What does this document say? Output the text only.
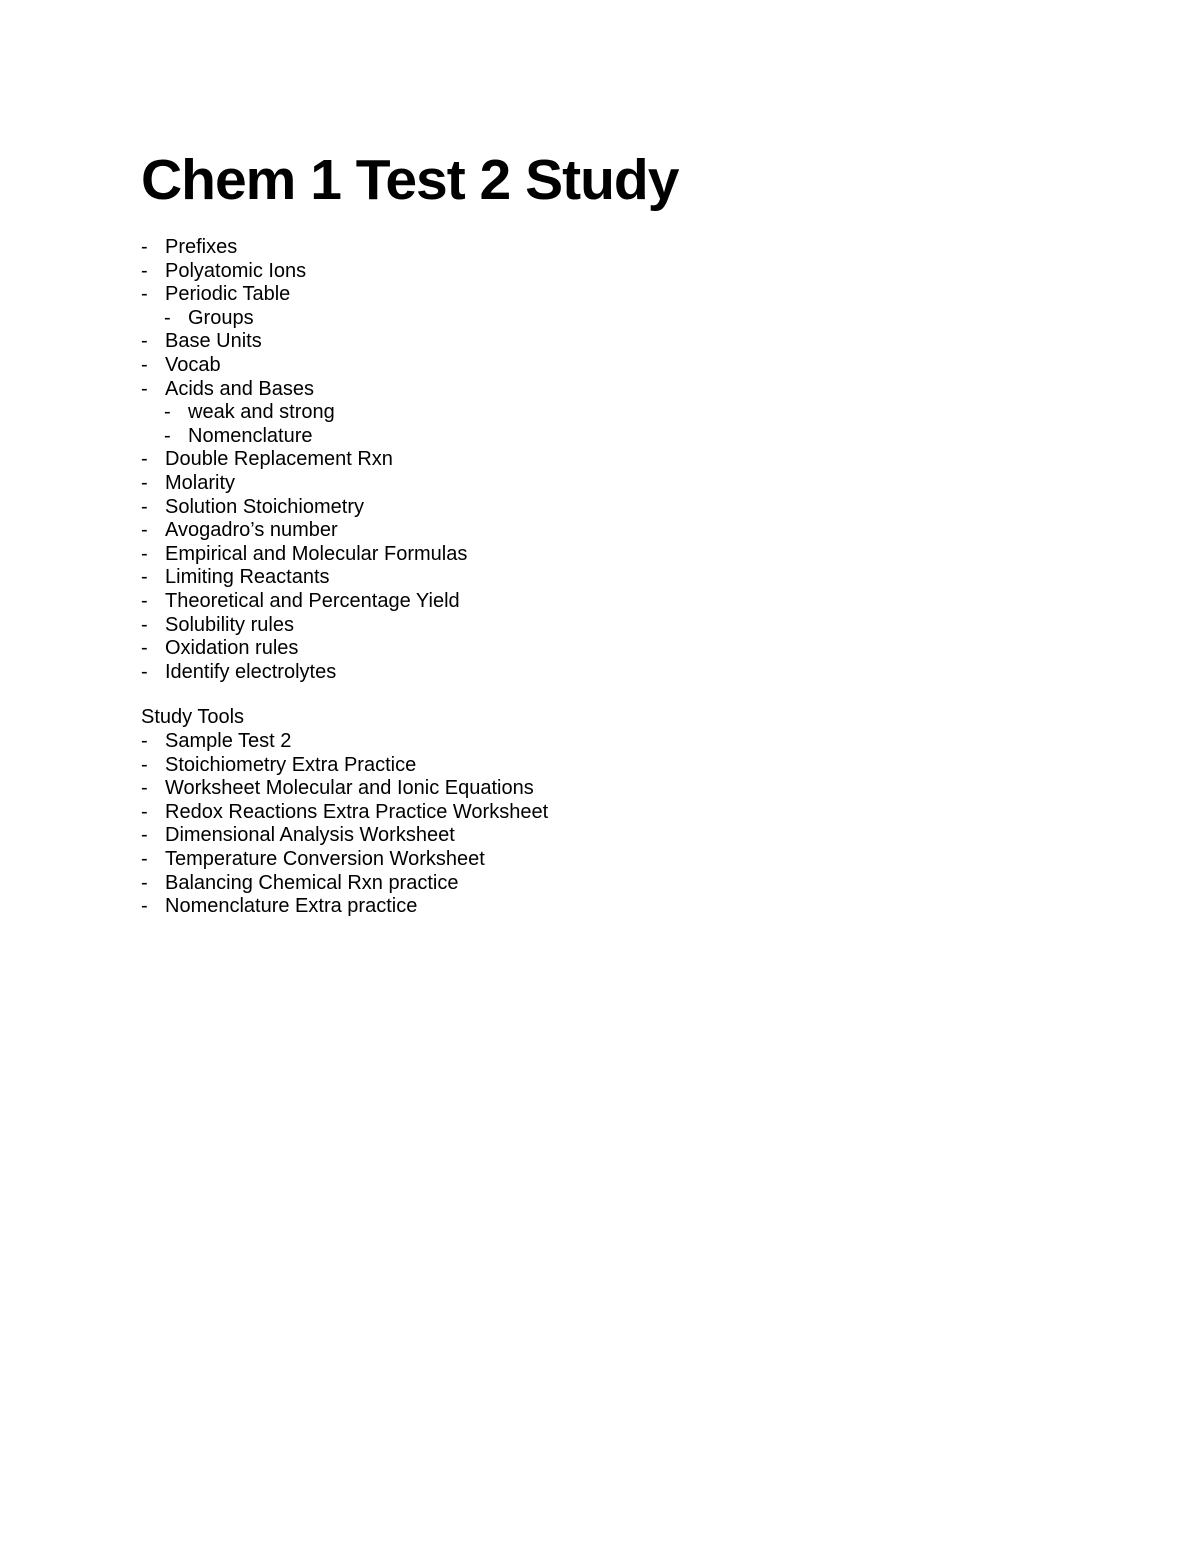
Chem 1 Test 2 Study
- Prefixes
- Polyatomic Ions
- Periodic Table
- Groups
- Base Units
- Vocab
- Acids and Bases
- weak and strong
- Nomenclature
- Double Replacement Rxn
- Molarity
- Solution Stoichiometry
- Avogadro’s number
- Empirical and Molecular Formulas
- Limiting Reactants
- Theoretical and Percentage Yield
- Solubility rules
- Oxidation rules
- Identify electrolytes
Study Tools
- Sample Test 2
- Stoichiometry Extra Practice
- Worksheet Molecular and Ionic Equations
- Redox Reactions Extra Practice Worksheet
- Dimensional Analysis Worksheet
- Temperature Conversion Worksheet
- Balancing Chemical Rxn practice
- Nomenclature Extra practice
